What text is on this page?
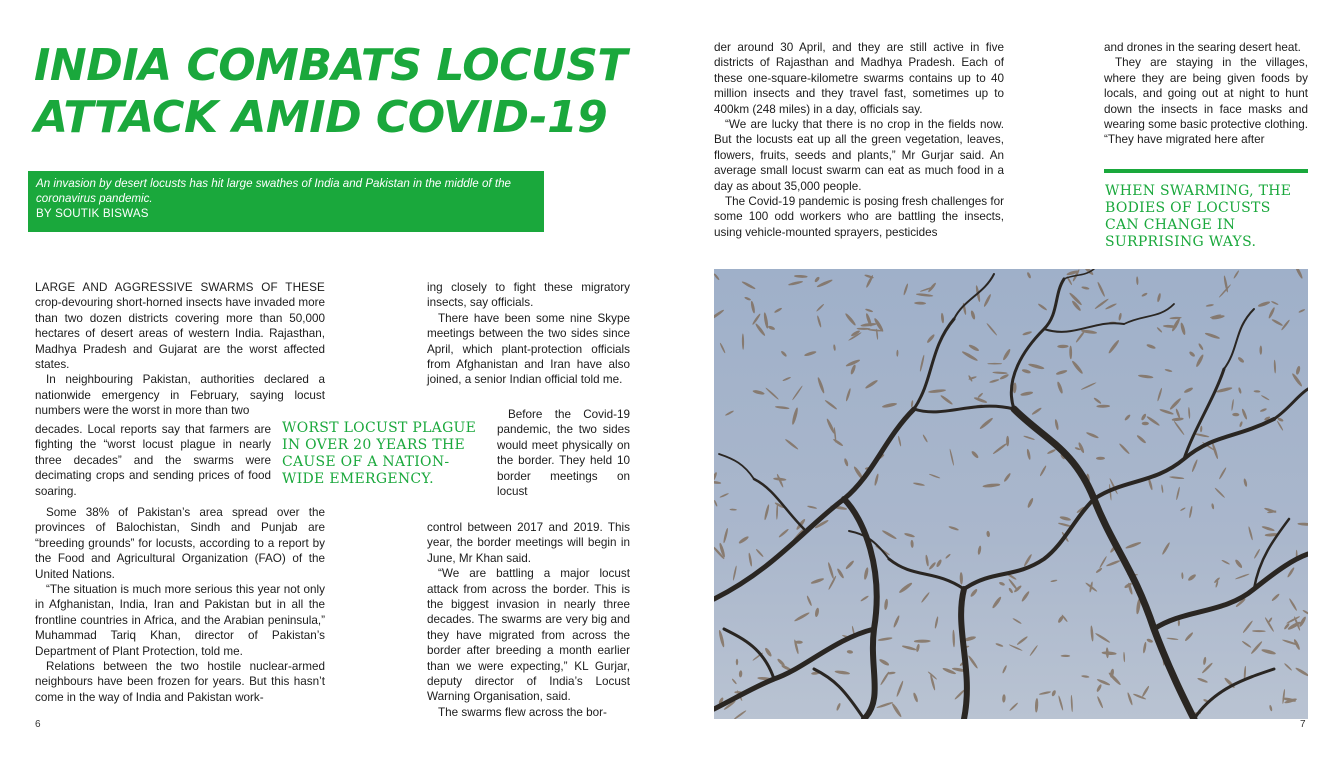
INDIA COMBATS LOCUST
ATTACK AMID COVID-19

An invasion by desert locusts has hit large swathes of India and Pakistan in the middle of the coronavirus pandemic.

BY SOUTIK BISWAS

LARGE AND AGGRESSIVE SWARMS OF THESE crop-devouring short-horned insects have invaded more than two dozen districts covering more than 50,000 hectares of desert areas of western India. Rajasthan, Madhya Pradesh and Gujarat are the worst affected states.

In neighbouring Pakistan, authorities declared a nationwide emergency in February, saying locust numbers were the worst in more than two

decades. Local reports say that farmers are fighting the “worst locust plague in nearly three decades” and the swarms were decimating crops and sending prices of food soaring.

Some 38% of Pakistan’s area spread over the provinces of Balochistan, Sindh and Punjab are “breeding grounds” for locusts, according to a report by the Food and Agricultural Organization (FAO) of the United Nations.

“The situation is much more serious this year not only in Afghanistan, India, Iran and Pakistan but in all the frontline countries in Africa, and the Arabian peninsula,” Muhammad Tariq Khan, director of Pakistan’s Department of Plant Protection, told me.

Relations between the two hostile nuclear-armed neighbours have been frozen for years. But this hasn’t come in the way of India and Pakistan work-

WORST LOCUST PLAGUE IN OVER 20 YEARS THE CAUSE OF A NATION-WIDE EMERGENCY.

ing closely to fight these migratory insects, say officials.

There have been some nine Skype meetings between the two sides since April, which plant-protection officials from Afghanistan and Iran have also joined, a senior Indian official told me.

Before the Covid-19 pandemic, the two sides would meet physically on the border. They held 10 border meetings on locust

control between 2017 and 2019. This year, the border meetings will begin in June, Mr Khan said.

“We are battling a major locust attack from across the border. This is the biggest invasion in nearly three decades. The swarms are very big and they have migrated from across the border after breeding a month earlier than we were expecting,” KL Gurjar, deputy director of India’s Locust Warning Organisation, said.

The swarms flew across the bor-

der around 30 April, and they are still active in five districts of Rajasthan and Madhya Pradesh. Each of these one-square-kilometre swarms contains up to 40 million insects and they travel fast, sometimes up to 400km (248 miles) in a day, officials say.

“We are lucky that there is no crop in the fields now. But the locusts eat up all the green vegetation, leaves, flowers, fruits, seeds and plants,” Mr Gurjar said. An average small locust swarm can eat as much food in a day as about 35,000 people.

The Covid-19 pandemic is posing fresh challenges for some 100 odd workers who are battling the insects, using vehicle-mounted sprayers, pesticides

and drones in the searing desert heat.

They are staying in the villages, where they are being given foods by locals, and going out at night to hunt down the insects in face masks and wearing some basic protective clothing. “They have migrated here after

WHEN SWARMING, THE BODIES OF LOCUSTS CAN CHANGE IN SURPRISING WAYS.

6	7
